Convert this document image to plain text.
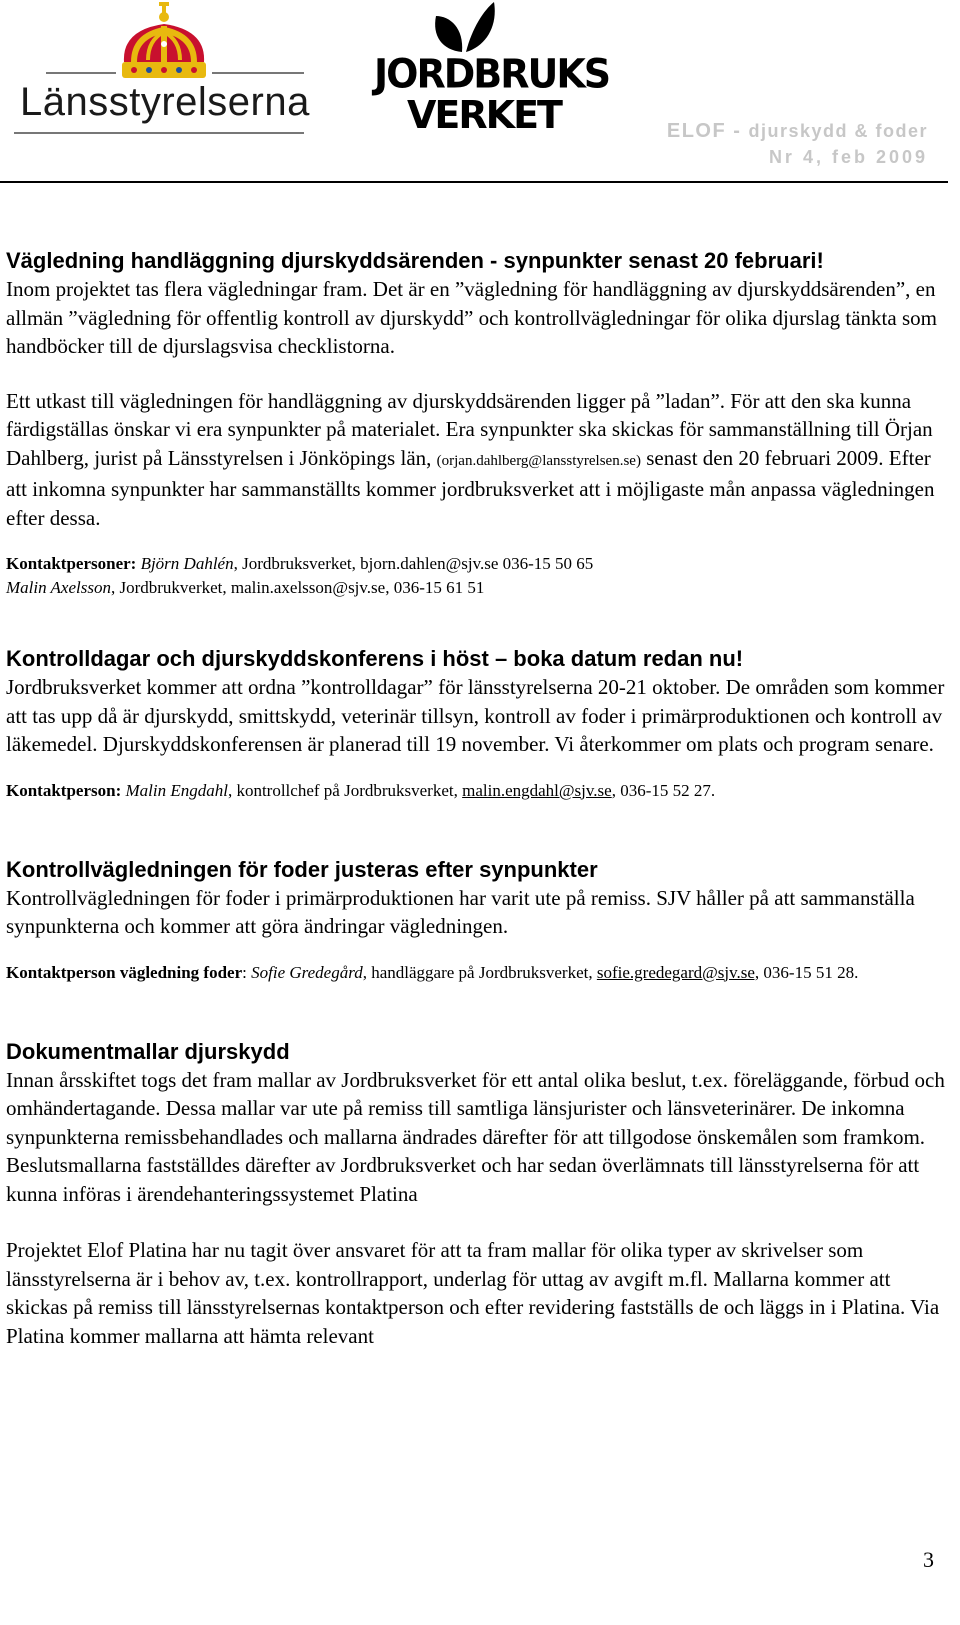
Länsstyrelserna
JORDBRUKS
VERKET	ELOF - djurskydd & foder
Nr 4, feb 2009
Vägledning handläggning djurskyddsärenden - synpunkter senast 20 februari!

Inom projektet tas flera vägledningar fram. Det är en ”vägledning för handläggning av djurskyddsärenden”, en allmän ”vägledning för offentlig kontroll av djurskydd” och kontrollvägledningar för olika djurslag tänkta som handböcker till de djurslagsvisa checklistorna.

Ett utkast till vägledningen för handläggning av djurskyddsärenden ligger på ”ladan”. För att den ska kunna färdigställas önskar vi era synpunkter på materialet. Era synpunkter ska skickas för sammanställning till Örjan Dahlberg, jurist på Länsstyrelsen i Jönköpings län, (orjan.dahlberg@lansstyrelsen.se) senast den 20 februari 2009. Efter att inkomna synpunkter har sammanställts kommer jordbruksverket att i möjligaste mån anpassa vägledningen efter dessa.

Kontaktpersoner: Björn Dahlén, Jordbruksverket, bjorn.dahlen@sjv.se 036-15 50 65

Malin Axelsson, Jordbrukverket, malin.axelsson@sjv.se, 036-15 61 51

Kontrolldagar och djurskyddskonferens i höst – boka datum redan nu!

Jordbruksverket kommer att ordna ”kontrolldagar” för länsstyrelserna 20-21 oktober. De områden som kommer att tas upp då är djurskydd, smittskydd, veterinär tillsyn, kontroll av foder i primärproduktionen och kontroll av läkemedel. Djurskyddskonferensen är planerad till 19 november. Vi återkommer om plats och program senare.

Kontaktperson: Malin Engdahl, kontrollchef på Jordbruksverket, malin.engdahl@sjv.se, 036-15 52 27.

Kontrollvägledningen för foder justeras efter synpunkter

Kontrollvägledningen för foder i primärproduktionen har varit ute på remiss. SJV håller på att sammanställa synpunkterna och kommer att göra ändringar vägledningen.

Kontaktperson vägledning foder: Sofie Gredegård, handläggare på Jordbruksverket, sofie.gredegard@sjv.se, 036-15 51 28.

Dokumentmallar djurskydd

Innan årsskiftet togs det fram mallar av Jordbruksverket för ett antal olika beslut, t.ex. föreläggande, förbud och omhändertagande. Dessa mallar var ute på remiss till samtliga länsjurister och länsveterinärer. De inkomna synpunkterna remissbehandlades och mallarna ändrades därefter för att tillgodose önskemålen som framkom. Beslutsmallarna fastställdes därefter av Jordbruksverket och har sedan överlämnats till länsstyrelserna för att kunna införas i ärendehanteringssystemet Platina

Projektet Elof Platina har nu tagit över ansvaret för att ta fram mallar för olika typer av skrivelser som länsstyrelserna är i behov av, t.ex. kontrollrapport, underlag för uttag av avgift m.fl. Mallarna kommer att skickas på remiss till länsstyrelsernas kontaktperson och efter revidering fastställs de och läggs in i Platina. Via Platina kommer mallarna att hämta relevant

3
